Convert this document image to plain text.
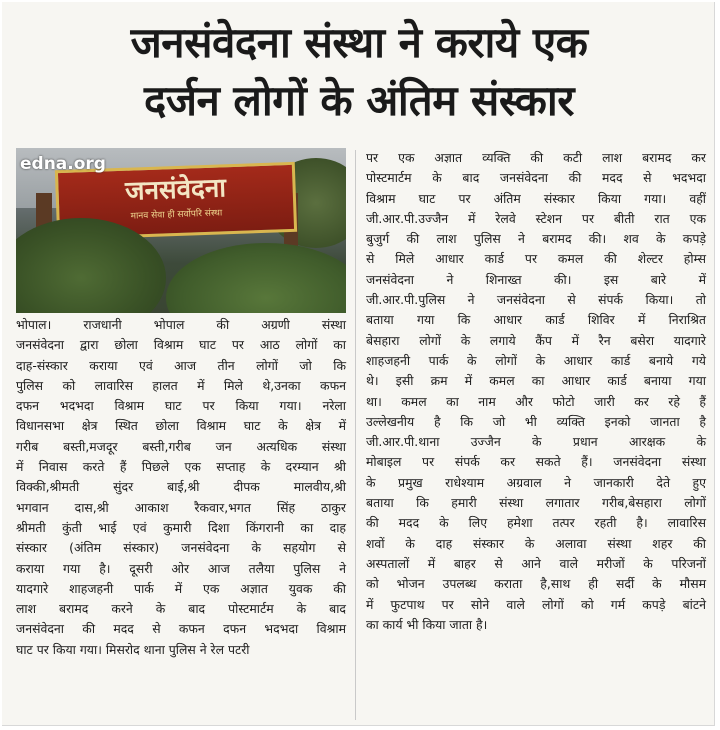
जनसंवेदना संस्था ने कराये एक
दर्जन लोगों के अंतिम संस्कार
जनसंवेदना
मानव सेवा ही सर्वोपरि संस्था
edna.org
भोपाल। राजधानी भोपाल की अग्रणी संस्था
जनसंवेदना द्वारा छोला विश्राम घाट पर आठ लोगों का
दाह-संस्कार कराया एवं आज तीन लोगों जो कि
पुलिस को लावारिस हालत में मिले थे,उनका कफन
दफन भदभदा विश्राम घाट पर किया गया। नरेला
विधानसभा क्षेत्र स्थित छोला विश्राम घाट के क्षेत्र में
गरीब बस्ती,मजदूर बस्ती,गरीब जन अत्यधिक संस्था
में निवास करते हैं पिछले एक सप्ताह के दरम्यान श्री
विक्की,श्रीमती सुंदर बाई,श्री दीपक मालवीय,श्री
भगवान दास,श्री आकाश रैकवार,भगत सिंह ठाकुर
श्रीमती कुंती भाई एवं कुमारी दिशा किंगरानी का दाह
संस्कार (अंतिम संस्कार) जनसंवेदना के सहयोग से
कराया गया है। दूसरी ओर आज तलैया पुलिस ने
यादगारे शाहजहनी पार्क में एक अज्ञात युवक की
लाश बरामद करने के बाद पोस्टमार्टम के बाद
जनसंवेदना की मदद से कफन दफन भदभदा विश्राम
घाट पर किया गया। मिसरोद थाना पुलिस ने रेल पटरी
पर एक अज्ञात व्यक्ति की कटी लाश बरामद कर
पोस्टमार्टम के बाद जनसंवेदना की मदद से भदभदा
विश्राम घाट पर अंतिम संस्कार किया गया। वहीं
जी.आर.पी.उज्जैन में रेलवे स्टेशन पर बीती रात एक
बुजुर्ग की लाश पुलिस ने बरामद की। शव के कपड़े
से मिले आधार कार्ड पर कमल की शेल्टर होम्स
जनसंवेदना ने शिनाख्त की। इस बारे में
जी.आर.पी.पुलिस ने जनसंवेदना से संपर्क किया। तो
बताया गया कि आधार कार्ड शिविर में निराश्रित
बेसहारा लोगों के लगाये कैंप में रैन बसेरा यादगारे
शाहजहनी पार्क के लोगों के आधार कार्ड बनाये गये
थे। इसी क्रम में कमल का आधार कार्ड बनाया गया
था। कमल का नाम और फोटो जारी कर रहे हैं
उल्लेखनीय है कि जो भी व्यक्ति इनको जानता है
जी.आर.पी.थाना उज्जैन के प्रधान आरक्षक के
मोबाइल पर संपर्क कर सकते हैं। जनसंवेदना संस्था
के प्रमुख राधेश्याम अग्रवाल ने जानकारी देते हुए
बताया कि हमारी संस्था लगातार गरीब,बेसहारा लोगों
की मदद के लिए हमेशा तत्पर रहती है। लावारिस
शवों के दाह संस्कार के अलावा संस्था शहर की
अस्पतालों में बाहर से आने वाले मरीजों के परिजनों
को भोजन उपलब्ध कराता है,साथ ही सर्दी के मौसम
में फुटपाथ पर सोने वाले लोगों को गर्म कपड़े बांटने
का कार्य भी किया जाता है।
